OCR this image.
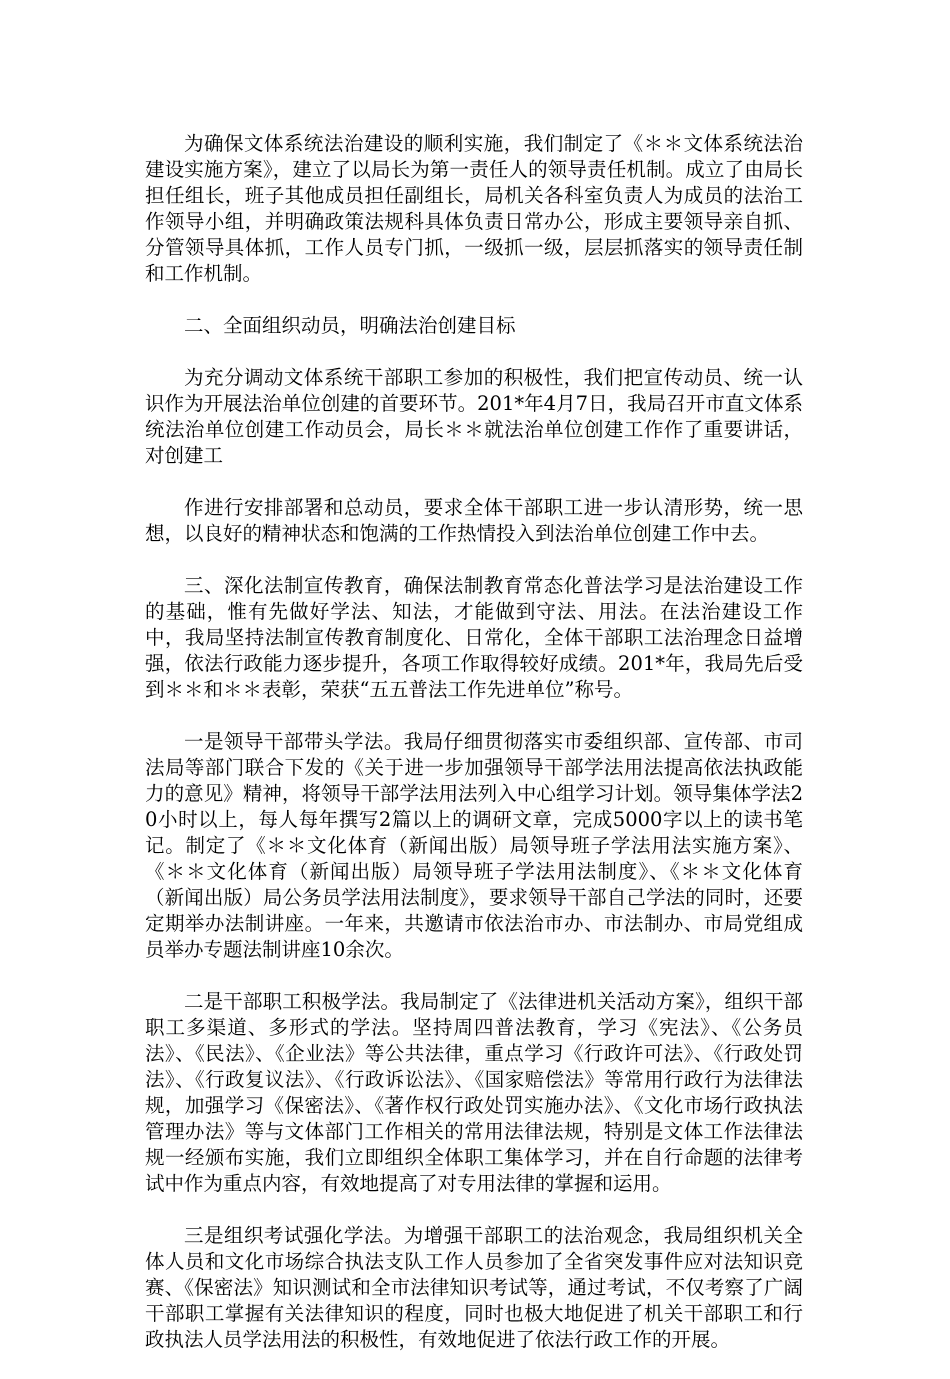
为确保文体系统法治建设的顺利实施，我们制定了《＊＊文体系统法治建设实施方案》，建立了以局长为第一责任人的领导责任机制。成立了由局长担任组长，班子其他成员担任副组长，局机关各科室负责人为成员的法治工作领导小组，并明确政策法规科具体负责日常办公，形成主要领导亲自抓、分管领导具体抓，工作人员专门抓，一级抓一级，层层抓落实的领导责任制和工作机制。

二、全面组织动员，明确法治创建目标

为充分调动文体系统干部职工参加的积极性，我们把宣传动员、统一认识作为开展法治单位创建的首要环节。201*年4月7日，我局召开市直文体系统法治单位创建工作动员会，局长＊＊就法治单位创建工作作了重要讲话，对创建工

作进行安排部署和总动员，要求全体干部职工进一步认清形势，统一思想，以良好的精神状态和饱满的工作热情投入到法治单位创建工作中去。

三、深化法制宣传教育，确保法制教育常态化普法学习是法治建设工作的基础，惟有先做好学法、知法，才能做到守法、用法。在法治建设工作中，我局坚持法制宣传教育制度化、日常化，全体干部职工法治理念日益增强，依法行政能力逐步提升，各项工作取得较好成绩。201*年，我局先后受到＊＊和＊＊表彰，荣获“五五普法工作先进单位”称号。

一是领导干部带头学法。我局仔细贯彻落实市委组织部、宣传部、市司法局等部门联合下发的《关于进一步加强领导干部学法用法提高依法执政能力的意见》精神，将领导干部学法用法列入中心组学习计划。领导集体学法20小时以上，每人每年撰写2篇以上的调研文章，完成5000字以上的读书笔记。制定了《＊＊文化体育（新闻出版）局领导班子学法用法实施方案》、《＊＊文化体育（新闻出版）局领导班子学法用法制度》、《＊＊文化体育（新闻出版）局公务员学法用法制度》，要求领导干部自己学法的同时，还要定期举办法制讲座。一年来，共邀请市依法治市办、市法制办、市局党组成员举办专题法制讲座10余次。

二是干部职工积极学法。我局制定了《法律进机关活动方案》，组织干部职工多渠道、多形式的学法。坚持周四普法教育，学习《宪法》、《公务员法》、《民法》、《企业法》等公共法律，重点学习《行政许可法》、《行政处罚法》、《行政复议法》、《行政诉讼法》、《国家赔偿法》等常用行政行为法律法规，加强学习《保密法》、《著作权行政处罚实施办法》、《文化市场行政执法管理办法》等与文体部门工作相关的常用法律法规，特别是文体工作法律法规一经颁布实施，我们立即组织全体职工集体学习，并在自行命题的法律考试中作为重点内容，有效地提高了对专用法律的掌握和运用。

三是组织考试强化学法。为增强干部职工的法治观念，我局组织机关全体人员和文化市场综合执法支队工作人员参加了全省突发事件应对法知识竞赛、《保密法》知识测试和全市法律知识考试等，通过考试，不仅考察了广阔干部职工掌握有关法律知识的程度，同时也极大地促进了机关干部职工和行政执法人员学法用法的积极性，有效地促进了依法行政工作的开展。
